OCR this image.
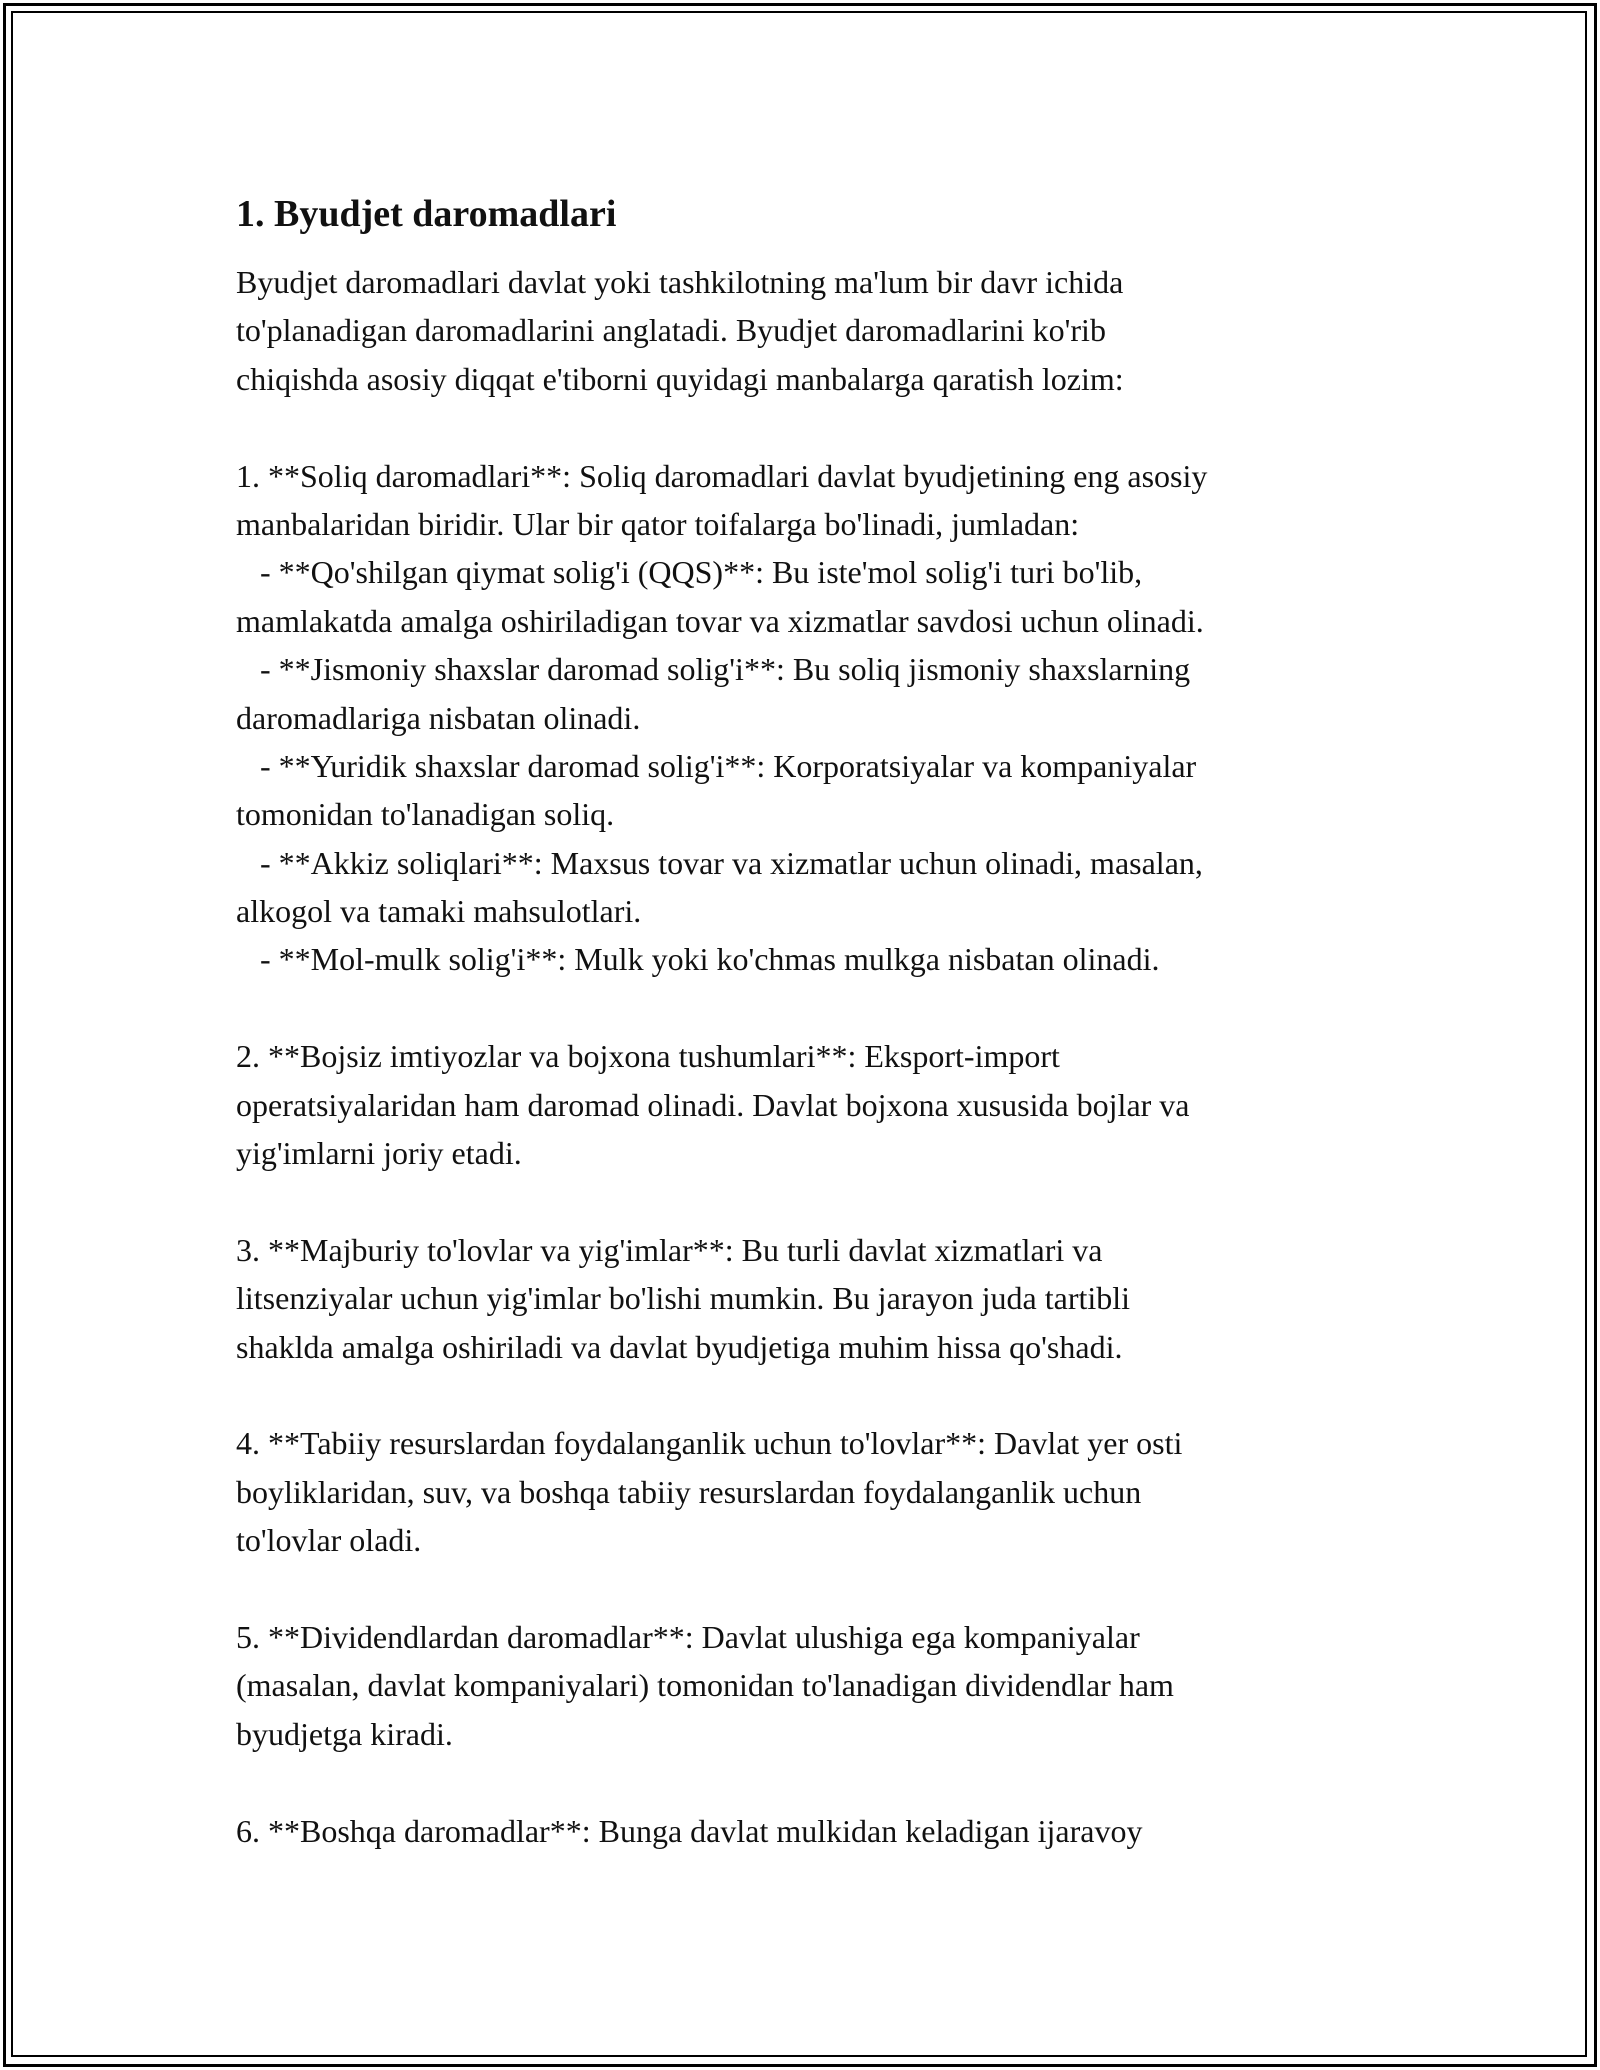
1. Byudjet daromadlari
Byudjet daromadlari davlat yoki tashkilotning ma'lum bir davr ichida
to'planadigan daromadlarini anglatadi. Byudjet daromadlarini ko'rib
chiqishda asosiy diqqat e'tiborni quyidagi manbalarga qaratish lozim:
1. **Soliq daromadlari**: Soliq daromadlari davlat byudjetining eng asosiy
manbalaridan biridir. Ular bir qator toifalarga bo'linadi, jumladan:
- **Qo'shilgan qiymat solig'i (QQS)**: Bu iste'mol solig'i turi bo'lib,
mamlakatda amalga oshiriladigan tovar va xizmatlar savdosi uchun olinadi.
- **Jismoniy shaxslar daromad solig'i**: Bu soliq jismoniy shaxslarning
daromadlariga nisbatan olinadi.
- **Yuridik shaxslar daromad solig'i**: Korporatsiyalar va kompaniyalar
tomonidan to'lanadigan soliq.
- **Akkiz soliqlari**: Maxsus tovar va xizmatlar uchun olinadi, masalan,
alkogol va tamaki mahsulotlari.
- **Mol-mulk solig'i**: Mulk yoki ko'chmas mulkga nisbatan olinadi.
2. **Bojsiz imtiyozlar va bojxona tushumlari**: Eksport-import
operatsiyalaridan ham daromad olinadi. Davlat bojxona xususida bojlar va
yig'imlarni joriy etadi.
3. **Majburiy to'lovlar va yig'imlar**: Bu turli davlat xizmatlari va
litsenziyalar uchun yig'imlar bo'lishi mumkin. Bu jarayon juda tartibli
shaklda amalga oshiriladi va davlat byudjetiga muhim hissa qo'shadi.
4. **Tabiiy resurslardan foydalanganlik uchun to'lovlar**: Davlat yer osti
boyliklaridan, suv, va boshqa tabiiy resurslardan foydalanganlik uchun
to'lovlar oladi.
5. **Dividendlardan daromadlar**: Davlat ulushiga ega kompaniyalar
(masalan, davlat kompaniyalari) tomonidan to'lanadigan dividendlar ham
byudjetga kiradi.
6. **Boshqa daromadlar**: Bunga davlat mulkidan keladigan ijaravoy
